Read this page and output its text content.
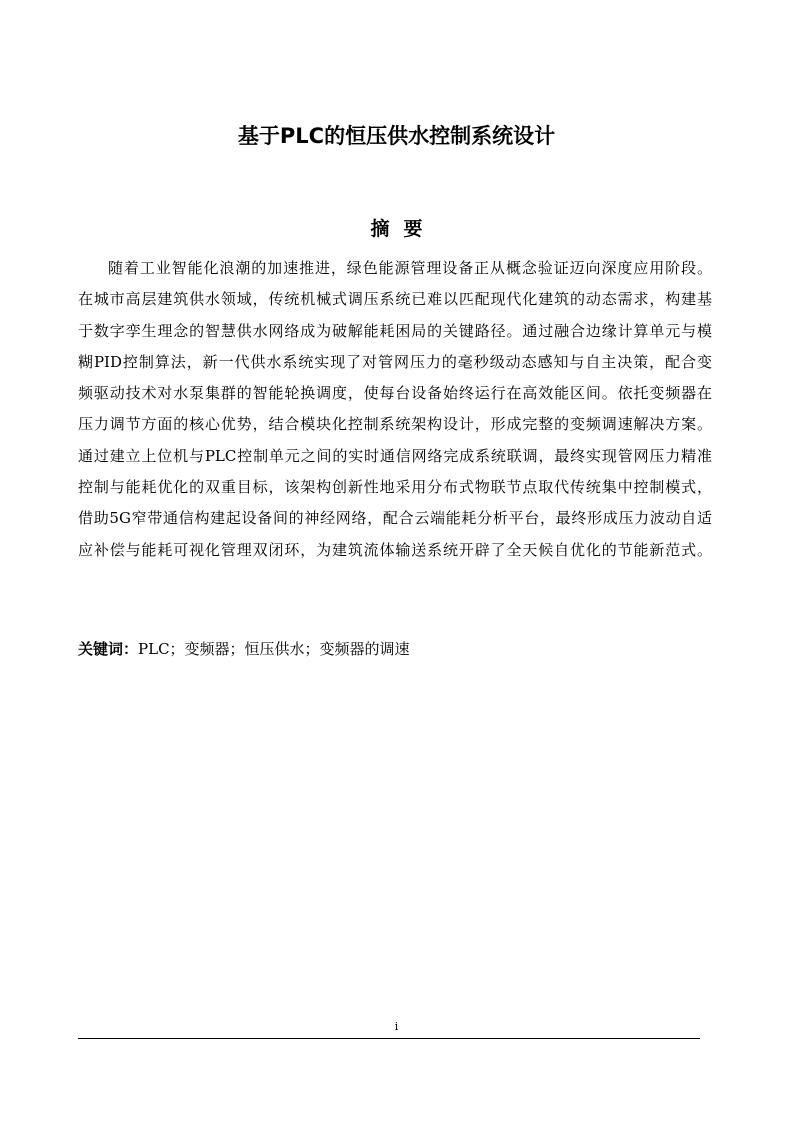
基于PLC的恒压供水控制系统设计
摘要
随着工业智能化浪潮的加速推进，绿色能源管理设备正从概念验证迈向深度应用阶段。
在城市高层建筑供水领域，传统机械式调压系统已难以匹配现代化建筑的动态需求，构建基
于数字孪生理念的智慧供水网络成为破解能耗困局的关键路径。通过融合边缘计算单元与模
糊PID控制算法，新一代供水系统实现了对管网压力的毫秒级动态感知与自主决策，配合变
频驱动技术对水泵集群的智能轮换调度，使每台设备始终运行在高效能区间。依托变频器在
压力调节方面的核心优势，结合模块化控制系统架构设计，形成完整的变频调速解决方案。
通过建立上位机与PLC控制单元之间的实时通信网络完成系统联调，最终实现管网压力精准
控制与能耗优化的双重目标，该架构创新性地采用分布式物联节点取代传统集中控制模式，
借助5G窄带通信构建起设备间的神经网络，配合云端能耗分析平台，最终形成压力波动自适
应补偿与能耗可视化管理双闭环，为建筑流体输送系统开辟了全天候自优化的节能新范式。
关键词：PLC；变频器；恒压供水；变频器的调速
i
